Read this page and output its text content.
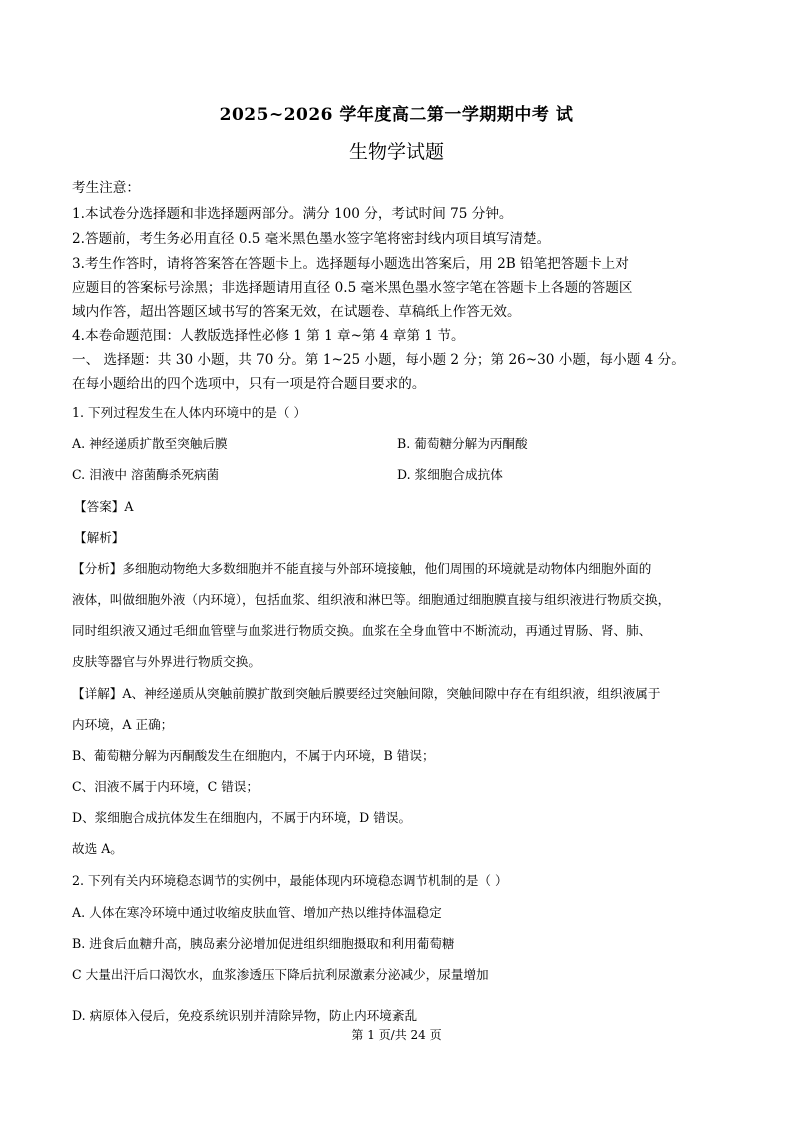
2025~2026 学年度高二第一学期期中考 试
生物学试题
考生注意：
1.本试卷分选择题和非选择题两部分。满分 100 分，考试时间 75 分钟。
2.答题前，考生务必用直径 0.5 毫米黑色墨水签字笔将密封线内项目填写清楚。
3.考生作答时，请将答案答在答题卡上。选择题每小题选出答案后，用 2B 铅笔把答题卡上对
应题目的答案标号涂黑；非选择题请用直径 0.5 毫米黑色墨水签字笔在答题卡上各题的答题区
域内作答，超出答题区域书写的答案无效，在试题卷、草稿纸上作答无效。
4.本卷命题范围：人教版选择性必修 1 第 1 章~第 4 章第 1 节。
一、 选择题：共 30 小题，共 70 分。第 1~25 小题，每小题 2 分；第 26~30 小题，每小题 4 分。
在每小题给出的四个选项中，只有一项是符合题目要求的。
1. 下列过程发生在人体内环境中的是（ ）
A. 神经递质扩散至突触后膜	B. 葡萄糖分解为丙酮酸
C. 泪液中 溶菌酶杀死病菌	D. 浆细胞合成抗体
【答案】A
【解析】
【分析】多细胞动物绝大多数细胞并不能直接与外部环境接触，他们周围的环境就是动物体内细胞外面的
液体，叫做细胞外液（内环境），包括血浆、组织液和淋巴等。细胞通过细胞膜直接与组织液进行物质交换，
同时组织液又通过毛细血管壁与血浆进行物质交换。血浆在全身血管中不断流动，再通过胃肠、肾、肺、
皮肤等器官与外界进行物质交换。
【详解】A、神经递质从突触前膜扩散到突触后膜要经过突触间隙，突触间隙中存在有组织液，组织液属于
内环境，A 正确；
B、葡萄糖分解为丙酮酸发生在细胞内，不属于内环境，B 错误；
C、泪液不属于内环境，C 错误；
D、浆细胞合成抗体发生在细胞内，不属于内环境，D 错误。
故选 A。
2. 下列有关内环境稳态调节的实例中，最能体现内环境稳态调节机制的是（ ）
A. 人体在寒冷环境中通过收缩皮肤血管、增加产热以维持体温稳定
B. 进食后血糖升高，胰岛素分泌增加促进组织细胞摄取和利用葡萄糖
C 大量出汗后口渴饮水，血浆渗透压下降后抗利尿激素分泌减少，尿量增加
D. 病原体入侵后，免疫系统识别并清除异物，防止内环境紊乱
第 1 页/共 24 页
